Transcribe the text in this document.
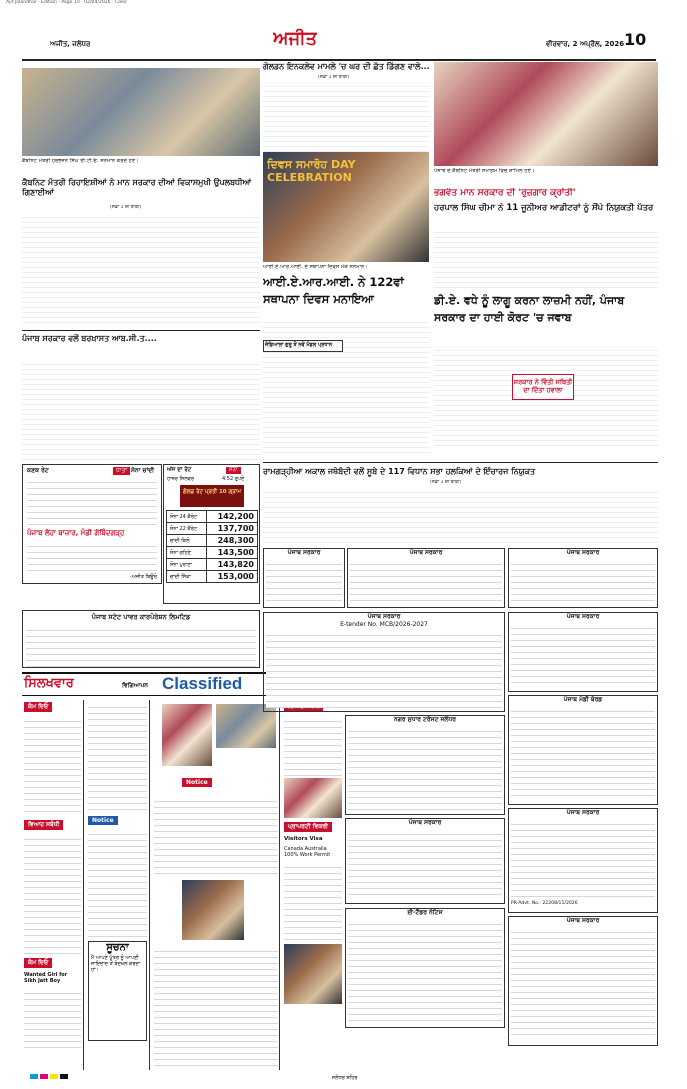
Ajit Jalandhar · Edition · Page 10 · 02/04/2026 · Color
ਅਜੀਤ, ਜਲੰਧਰ	ਅਜੀਤ	ਵੀਰਵਾਰ, 2 ਅਪ੍ਰੈਲ, 2026 10
ਕੈਬਨਿਟ ਮੰਤਰੀ ਹਰਭਜਨ ਸਿੰਘ ਈ.ਟੀ.ਓ. ਸਨਮਾਨ ਕਰਦੇ ਹੋਏ।
ਕੈਬਨਿਟ ਮੰਤਰੀ ਰਿਹਾਇਸ਼ੀਆਂ ਨੇ ਮਾਨ ਸਰਕਾਰ ਦੀਆਂ ਵਿਕਾਸਮੁਖੀ ਉਪਲਬਧੀਆਂ ਗਿਣਾਈਆਂ
(ਸਫ਼ਾ 1 ਦੀ ਬਾਕੀ)
ਗੋਲਡਨ ਇਨਕਲੇਵ ਮਾਮਲੇ 'ਚ ਘਰ ਦੀ ਛੱਤ ਡਿੱਗਣ ਵਾਲੇ...
(ਸਫ਼ਾ 1 ਦੀ ਬਾਕੀ)
ਦਿਵਸ ਸਮਾਰੋਹ DAY CELEBRATION
ਆਈ.ਏ.ਆਰ.ਆਈ. ਦੇ ਸਥਾਪਨਾ ਦਿਵਸ ਮੌਕੇ ਸਨਮਾਨ।
ਆਈ.ਏ.ਆਰ.ਆਈ. ਨੇ 122ਵਾਂ ਸਥਾਪਨਾ ਦਿਵਸ ਮਨਾਇਆ
ਪੰਜਾਬ ਦੇ ਕੈਬਨਿਟ ਮੰਤਰੀ ਸਮਾਗਮ ਵਿਚ ਸ਼ਾਮਿਲ ਹੋਏ।
ਭਗਵੰਤ ਮਾਨ ਸਰਕਾਰ ਦੀ 'ਰੁਜ਼ਗਾਰ ਕ੍ਰਾਂਤੀ'
ਹਰਪਾਲ ਸਿੰਘ ਚੀਮਾ ਨੇ 11 ਜੂਨੀਅਰ ਆਡੀਟਰਾਂ ਨੂੰ ਸੌਂਪੇ ਨਿਯੁਕਤੀ ਪੱਤਰ
ਡੀ.ਏ. ਵਧੇ ਨੂੰ ਲਾਗੂ ਕਰਨਾ ਲਾਜ਼ਮੀ ਨਹੀਂ, ਪੰਜਾਬ ਸਰਕਾਰ ਦਾ ਹਾਈ ਕੋਰਟ 'ਚ ਜਵਾਬ
ਸਰਕਾਰ ਨੇ ਵਿੱਤੀ ਸਥਿਤੀ ਦਾ ਦਿੱਤਾ ਹਵਾਲਾ
ਪੰਜਾਬ ਸਰਕਾਰ ਵਲੋਂ ਬਰਖ਼ਾਸਤ ਆਬ.ਸੀ.ਤ....
ਜੰਡਿਆਲਾ ਗੁਰੂ ਤੋਂ ਨਵੇਂ ਮੰਡਲ ਪ੍ਰਧਾਨ
ਰਾਮਗੜ੍ਹੀਆ ਅਕਾਲ ਜਥੇਬੰਦੀ ਵਲੋਂ ਸੂਬੇ ਦੇ 117 ਵਿਧਾਨ ਸਭਾ ਹਲਕਿਆਂ ਦੇ ਇੰਚਾਰਜ ਨਿਯੁਕਤ
(ਸਫ਼ਾ 1 ਦੀ ਬਾਕੀ)
ਕਣਕ ਰੇਟ	ਧਾਤਾਂ ਸੋਨਾ ਚਾਂਦੀ
ਪੰਜਾਬ ਲੋਹਾ ਬਾਜ਼ਾਰ, ਮੰਡੀ ਗੋਬਿੰਦਗੜ੍ਹ
-ਅਜੀਤ ਬਿਊਰੋ
ਅੱਜ ਦਾ ਰੇਟ	ਸੋਨਾ
ਹਾਜ਼ਰ ਸਿਲਵਰ	4.52 ਰੁਪਏ
ਗੋਲਡ ਰੇਟ ਪ੍ਰਤੀ 10 ਗ੍ਰਾਮ
ਸੋਨਾ 24 ਕੈਰੇਟ	142,200
ਸੋਨਾ 22 ਕੈਰੇਟ	137,700
ਚਾਂਦੀ ਕਿਲੋ	248,300
ਸੋਨਾ ਗਹਿਣੇ	143,500
ਸੋਨਾ ਪੁਰਾਣਾ	143,820
ਚਾਂਦੀ ਸਿੱਕਾ	153,000
ਪੰਜਾਬ ਸਟੇਟ ਪਾਵਰ ਕਾਰਪੋਰੇਸ਼ਨ ਲਿਮਟਿਡ
ਸਿਲਖਵਾਰ	ਵਿਗਿਆਪਨ Classified
ਕੰਮ ਦਿਓ
ਵਿਆਹ ਸਬੰਧੀ
ਕੰਮ ਦਿਓ
Wanted Girl for Sikh Jatt Boy
Notice
ਸੂਚਨਾ
ਮੈਂ ਆਪਣੇ ਪੁੱਤਰ ਨੂੰ ਆਪਣੀ ਜਾਇਦਾਦ ਤੋਂ ਬੇਦਖ਼ਲ ਕਰਦਾ ਹਾਂ।
Notice
ਪ੍ਰਾਪਰਟੀ ਵਿਕਰੀ
Visitors Visa
Canada Australia 100% Work Permit
ਪੰਜਾਬ ਸਰਕਾਰ	ਪੰਜਾਬ ਸਰਕਾਰ
ਪੰਜਾਬ ਸਰਕਾਰ
E-tender No. MCB/2026-2027
ਨਗਰ ਸੁਧਾਰ ਟਰੱਸਟ ਜਲੰਧਰ
ਪੰਜਾਬ ਸਰਕਾਰ
ਈ-ਟੈਂਡਰ ਨੋਟਿਸ
ਪੰਜਾਬ ਸਰਕਾਰ
ਪੰਜਾਬ ਸਰਕਾਰ
ਪੰਜਾਬ ਮੰਡੀ ਬੋਰਡ
ਪੰਜਾਬ ਸਰਕਾਰ
PR-Advt. No.: 22208/11/2026
ਪੰਜਾਬ ਸਰਕਾਰ
ਜਲੰਧਰ ਸ਼ਹਿਰ
